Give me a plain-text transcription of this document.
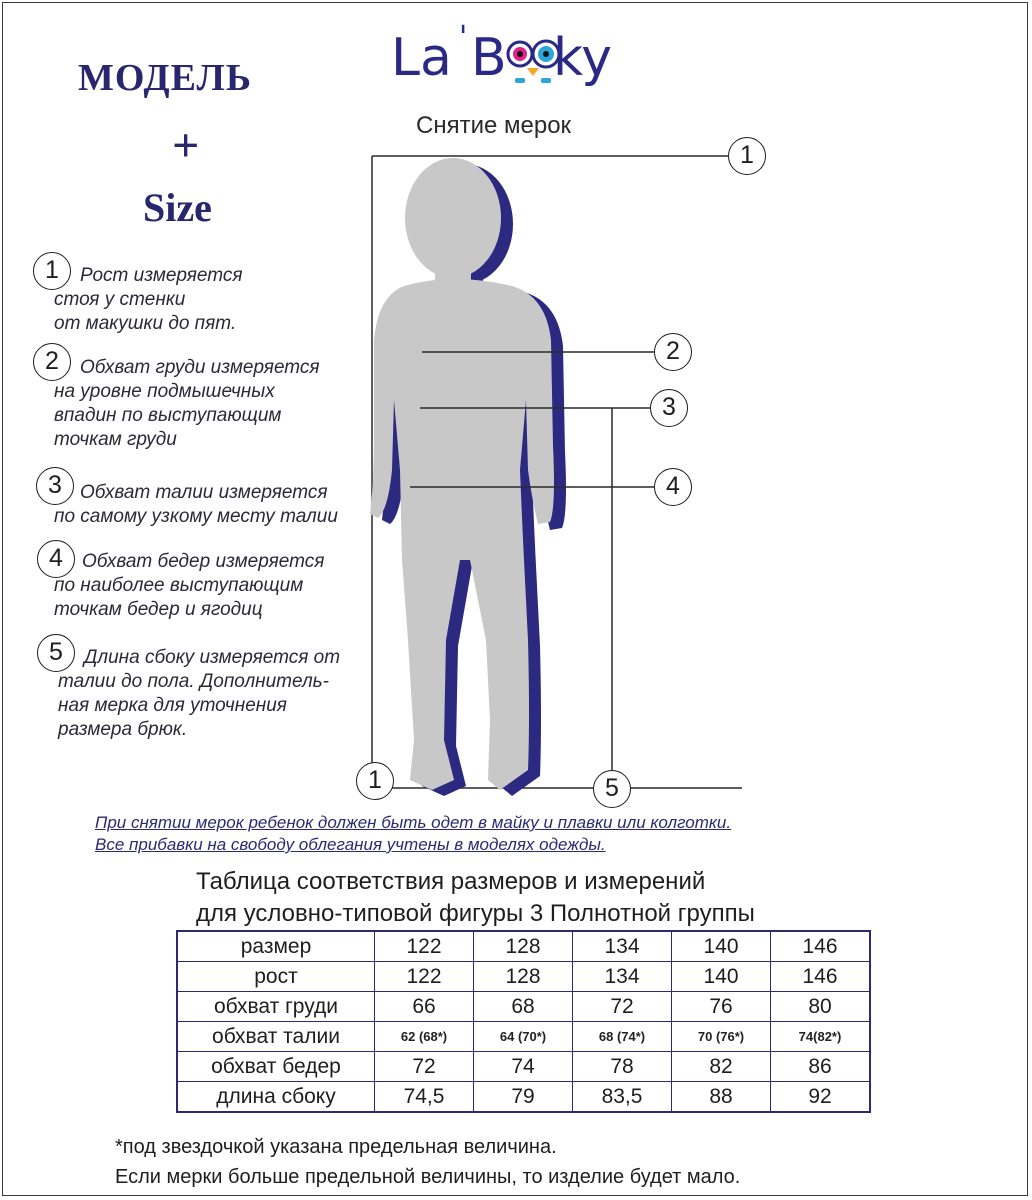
МОДЕЛЬ
+
Size
La ' B ky
Снятие мерок
1	Рост измеряется
стоя у стенки
от макушки до пят.
2	Обхват груди измеряется
на уровне подмышечных
впадин по выступающим
точкам груди
3 Обхват талии измеряется
по самому узкому месту талии
4	Обхват бедер измеряется
по наиболее выступающим
точкам бедер и ягодиц
5	Длина сбоку измеряется от
талии до пола. Дополнитель-
ная мерка для уточнения
размера брюк.
1
2
3
4
1	5
При снятии мерок ребенок должен быть одет в майку и плавки или колготки.
Все прибавки на свободу облегания учтены в моделях одежды.
Таблица соответствия размеров и измерений
для условно-типовой фигуры 3 Полнотной группы
размер	122	128	134	140	146
рост	122	128	134	140	146
обхват груди	66	68	72	76	80
обхват талии	62 (68*)	64 (70*)	68 (74*)	70 (76*)	74(82*)
обхват бедер	72	74	78	82	86
длина сбоку	74,5	79	83,5	88	92
*под звездочкой указана предельная величина.
Если мерки больше предельной величины, то изделие будет мало.
